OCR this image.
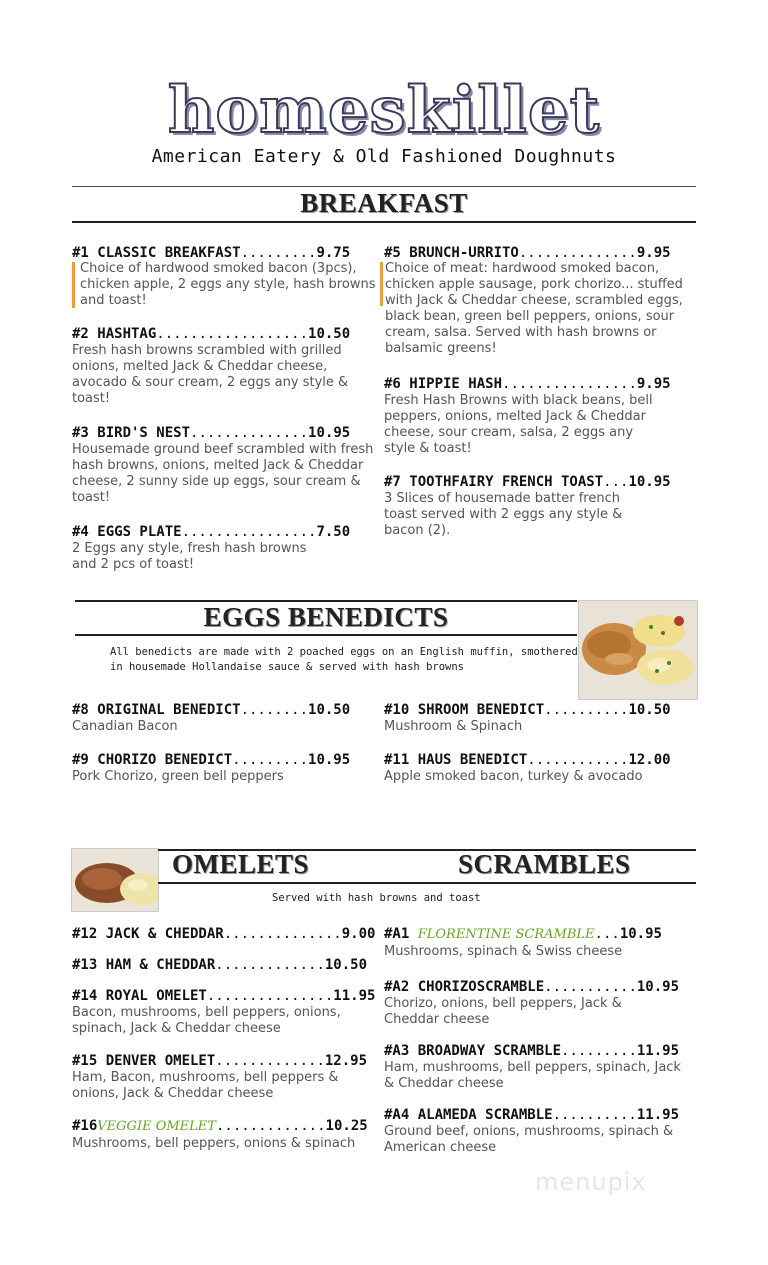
homeskillet
American Eatery & Old Fashioned Doughnuts
BREAKFAST
#1 CLASSIC BREAKFAST.........9.75
Choice of hardwood smoked bacon (3pcs), chicken apple, 2 eggs any style, hash browns and toast!
#2 HASHTAG..................10.50
Fresh hash browns scrambled with grilled onions, melted Jack & Cheddar cheese, avocado & sour cream, 2 eggs any style & toast!
#3 BIRD'S NEST..............10.95
Housemade ground beef scrambled with fresh hash browns, onions, melted Jack & Cheddar cheese, 2 sunny side up eggs, sour cream & toast!
#4 EGGS PLATE................7.50
2 Eggs any style, fresh hash browns and 2 pcs of toast!
#5 BRUNCH-URRITO..............9.95
Choice of meat: hardwood smoked bacon, chicken apple sausage, pork chorizo... stuffed with Jack & Cheddar cheese, scrambled eggs, black bean, green bell peppers, onions, sour cream, salsa. Served with hash browns or balsamic greens!
#6 HIPPIE HASH................9.95
Fresh Hash Browns with black beans, bell peppers, onions, melted Jack & Cheddar cheese, sour cream, salsa, 2 eggs any style & toast!
#7 TOOTHFAIRY FRENCH TOAST...10.95
3 Slices of housemade batter french toast served with 2 eggs any style & bacon (2).
EGGS BENEDICTS
All benedicts are made with 2 poached eggs on an English muffin, smothered in housemade Hollandaise sauce & served with hash browns
#8 ORIGINAL BENEDICT........10.50
Canadian Bacon
#9 CHORIZO BENEDICT.........10.95
Pork Chorizo, green bell peppers
#10 SHROOM BENEDICT..........10.50
Mushroom & Spinach
#11 HAUS BENEDICT............12.00
Apple smoked bacon, turkey & avocado
OMELETS	SCRAMBLES
Served with hash browns and toast
#12 JACK & CHEDDAR..............9.00
#13 HAM & CHEDDAR.............10.50
#14 ROYAL OMELET...............11.95
Bacon, mushrooms, bell peppers, onions, spinach, Jack & Cheddar cheese
#15 DENVER OMELET.............12.95
Ham, Bacon, mushrooms, bell peppers & onions, Jack & Cheddar cheese
#16VEGGIE OMELET.............10.25
Mushrooms, bell peppers, onions & spinach
#A1 FLORENTINE SCRAMBLE...10.95
Mushrooms, spinach & Swiss cheese
#A2 CHORIZOSCRAMBLE...........10.95
Chorizo, onions, bell peppers, Jack & Cheddar cheese
#A3 BROADWAY SCRAMBLE.........11.95
Ham, mushrooms, bell peppers, spinach, Jack & Cheddar cheese
#A4 ALAMEDA SCRAMBLE..........11.95
Ground beef, onions, mushrooms, spinach & American cheese
menupix
